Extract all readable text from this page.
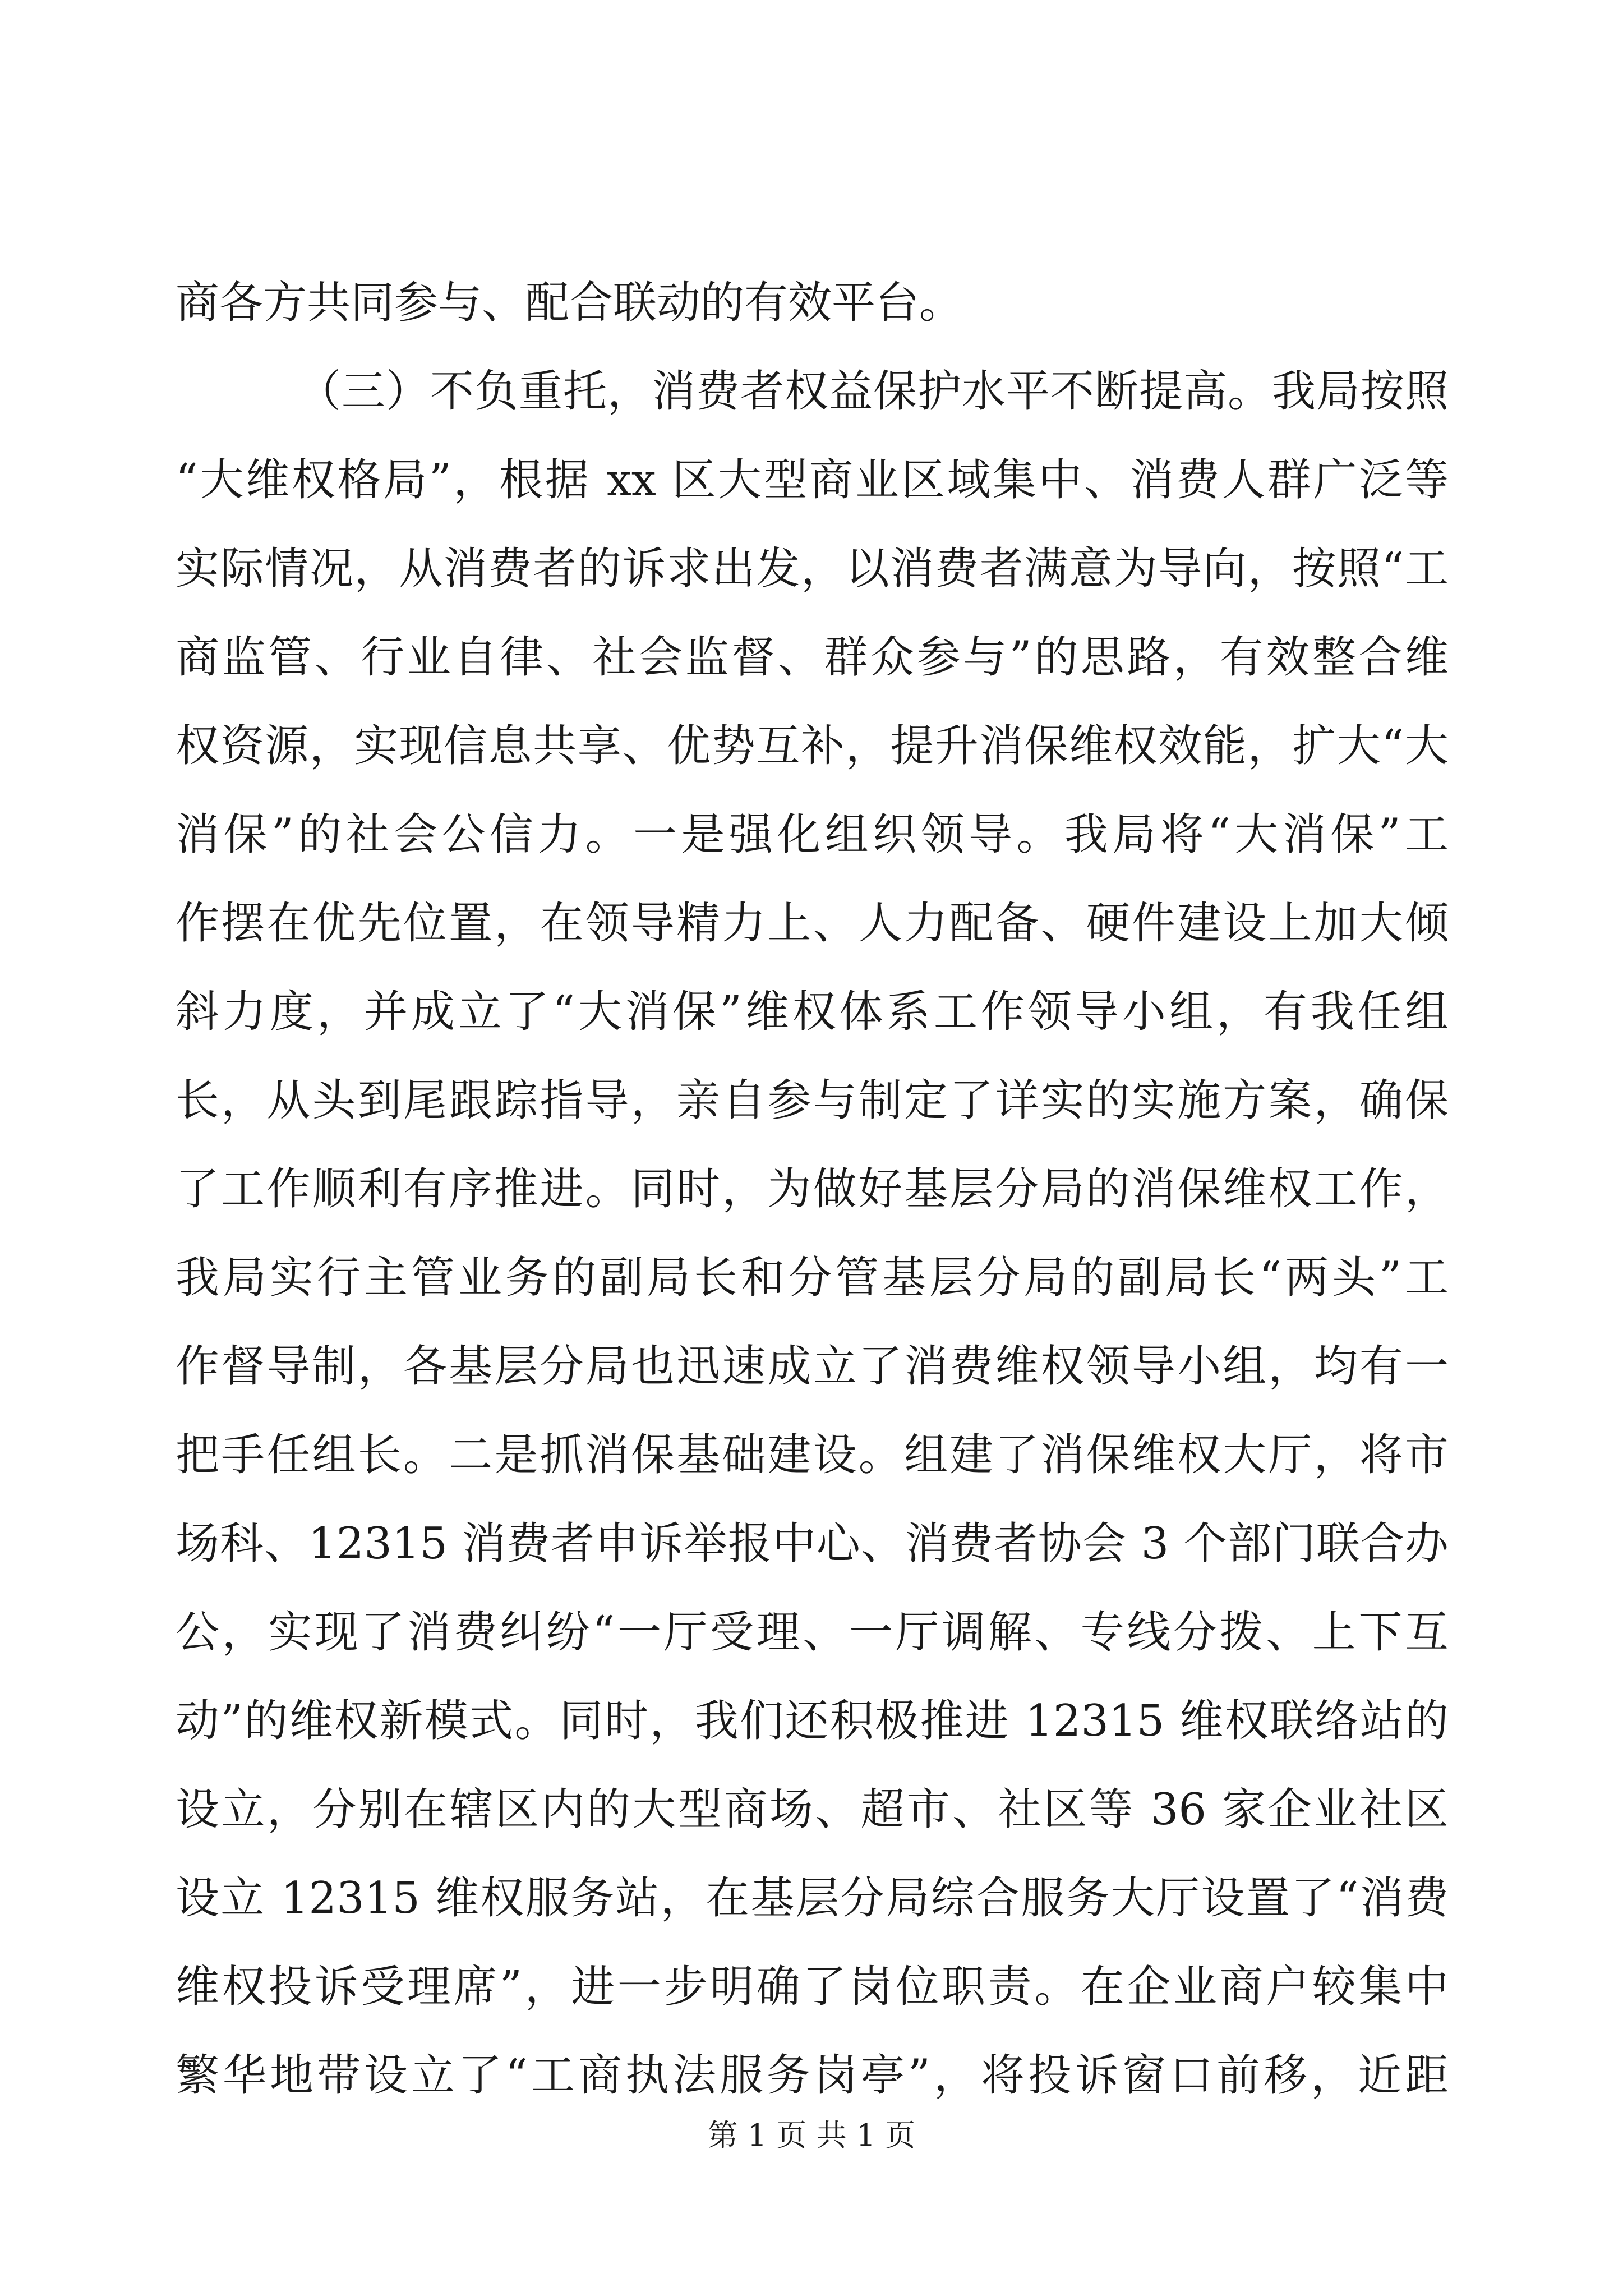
商各方共同参与、配合联动的有效平台。
（三）不负重托，消费者权益保护水平不断提高。我局按照
“大维权格局”，根据 xx 区大型商业区域集中、消费人群广泛等
实际情况，从消费者的诉求出发，以消费者满意为导向，按照“工
商监管、行业自律、社会监督、群众参与”的思路，有效整合维
权资源，实现信息共享、优势互补，提升消保维权效能，扩大“大
消保”的社会公信力。一是强化组织领导。我局将“大消保”工
作摆在优先位置，在领导精力上、人力配备、硬件建设上加大倾
斜力度，并成立了“大消保”维权体系工作领导小组，有我任组
长，从头到尾跟踪指导，亲自参与制定了详实的实施方案，确保
了工作顺利有序推进。同时，为做好基层分局的消保维权工作，
我局实行主管业务的副局长和分管基层分局的副局长“两头”工
作督导制，各基层分局也迅速成立了消费维权领导小组，均有一
把手任组长。二是抓消保基础建设。组建了消保维权大厅，将市
场科、12315 消费者申诉举报中心、消费者协会 3 个部门联合办
公，实现了消费纠纷“一厅受理、一厅调解、专线分拨、上下互
动”的维权新模式。同时，我们还积极推进 12315 维权联络站的
设立，分别在辖区内的大型商场、超市、社区等 36 家企业社区
设立 12315 维权服务站，在基层分局综合服务大厅设置了“消费
维权投诉受理席”，进一步明确了岗位职责。在企业商户较集中
繁华地带设立了“工商执法服务岗亭”，将投诉窗口前移，近距
第 1 页 共 1 页
